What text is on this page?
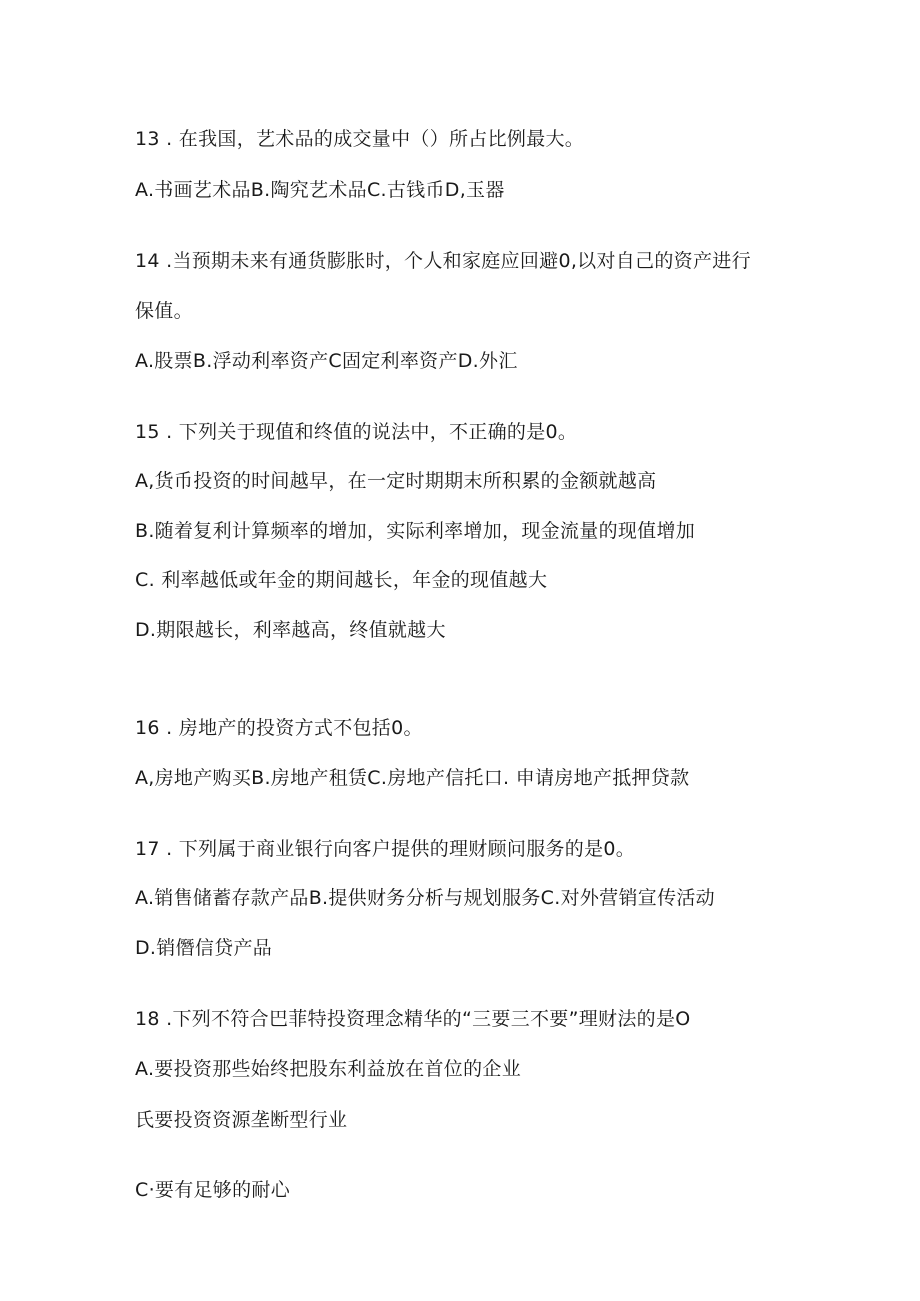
13 . 在我国，艺术品的成交量中（）所占比例最大。
A.书画艺术品B.陶究艺术品C.古钱币D,玉器
14 .当预期未来有通货膨胀时，个人和家庭应回避0,以对自己的资产进行
保值。
A.股票B.浮动利率资产C固定利率资产D.外汇
15 . 下列关于现值和终值的说法中，不正确的是0。
A,货币投资的时间越早，在一定时期期末所积累的金额就越高
B.随着复利计算频率的增加，实际利率增加，现金流量的现值增加
C. 利率越低或年金的期间越长，年金的现值越大
D.期限越长，利率越高，终值就越大
16 . 房地产的投资方式不包括0。
A,房地产购买B.房地产租赁C.房地产信托口. 申请房地产抵押贷款
17 . 下列属于商业银行向客户提供的理财顾问服务的是0。
A.销售储蓄存款产品B.提供财务分析与规划服务C.对外营销宣传活动
D.销僭信贷产品
18 .下列不符合巴菲特投资理念精华的“三要三不要”理财法的是O
A.要投资那些始终把股东利益放在首位的企业
氏要投资资源垄断型行业
C·要有足够的耐心
